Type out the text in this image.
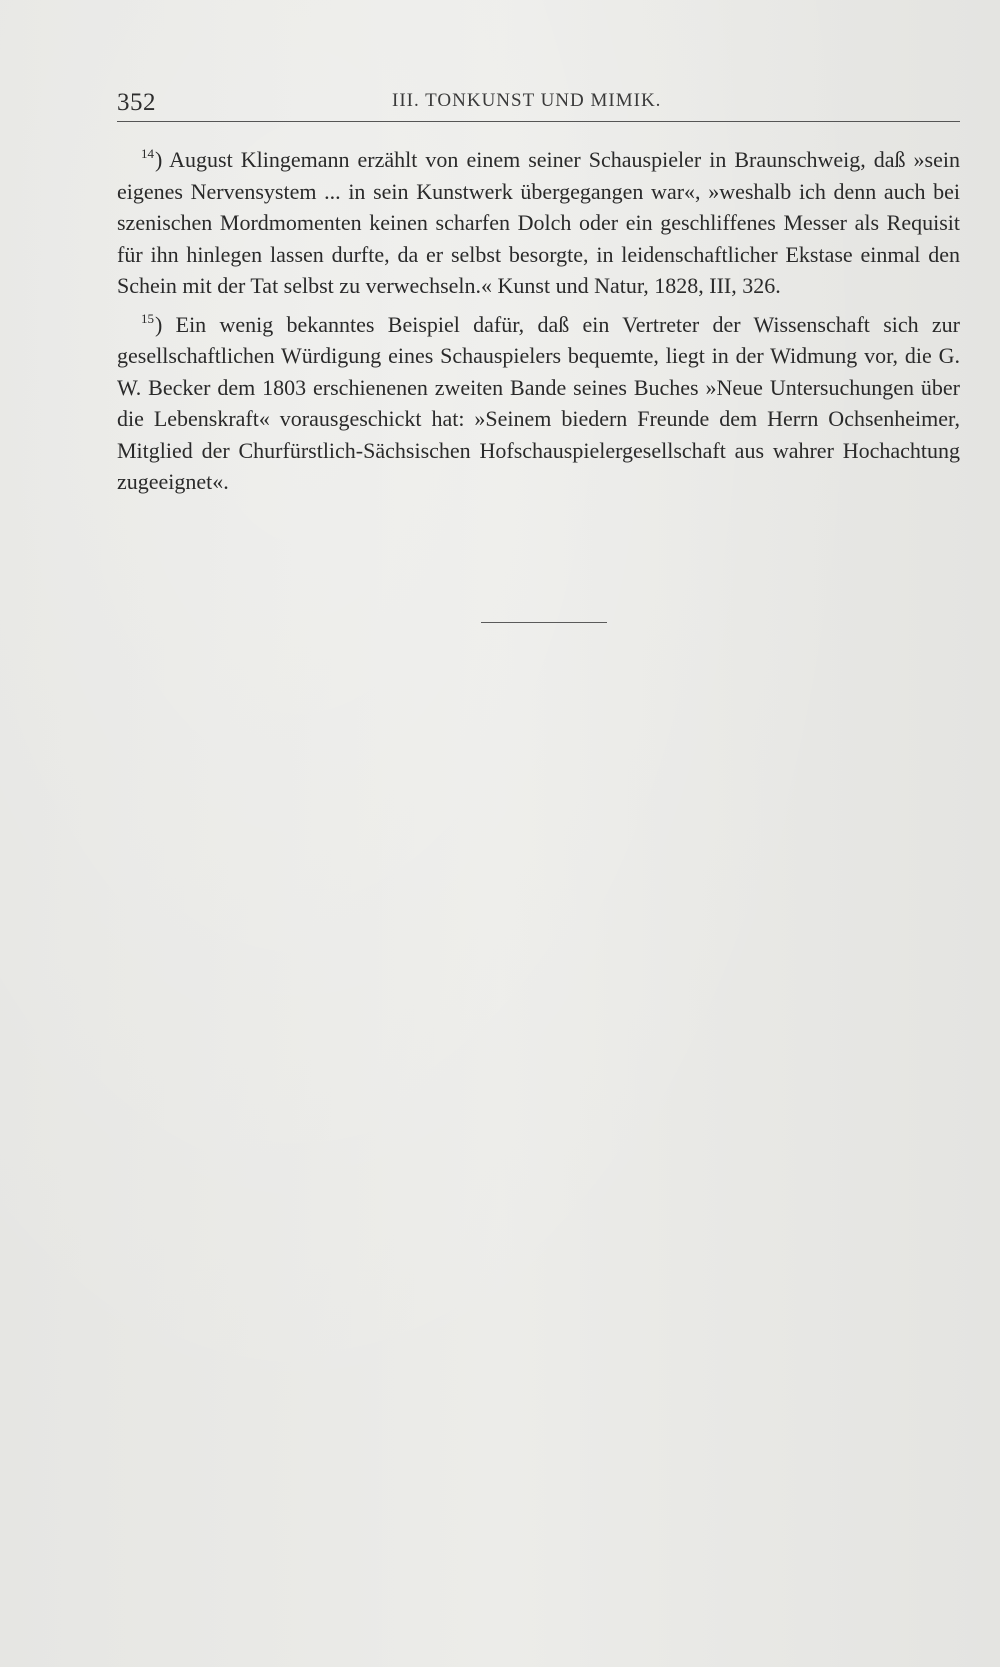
352	III. TONKUNST UND MIMIK.

$^{14}$) August Klingemann erzählt von einem seiner Schauspieler in Braunschweig, daß »sein eigenes Nervensystem ... in sein Kunstwerk übergegangen war«, »weshalb ich denn auch bei szenischen Mordmomenten keinen scharfen Dolch oder ein geschliffenes Messer als Requisit für ihn hinlegen lassen durfte, da er selbst besorgte, in leidenschaftlicher Ekstase einmal den Schein mit der Tat selbst zu verwechseln.« Kunst und Natur, 1828, III, 326.

$^{15}$) Ein wenig bekanntes Beispiel dafür, daß ein Vertreter der Wissenschaft sich zur gesellschaftlichen Würdigung eines Schauspielers bequemte, liegt in der Widmung vor, die G. W. Becker dem 1803 erschienenen zweiten Bande seines Buches »Neue Untersuchungen über die Lebenskraft« vorausgeschickt hat: »Seinem biedern Freunde dem Herrn Ochsenheimer, Mitglied der Churfürstlich-Sächsischen Hofschauspielergesellschaft aus wahrer Hochachtung zugeeignet«.
